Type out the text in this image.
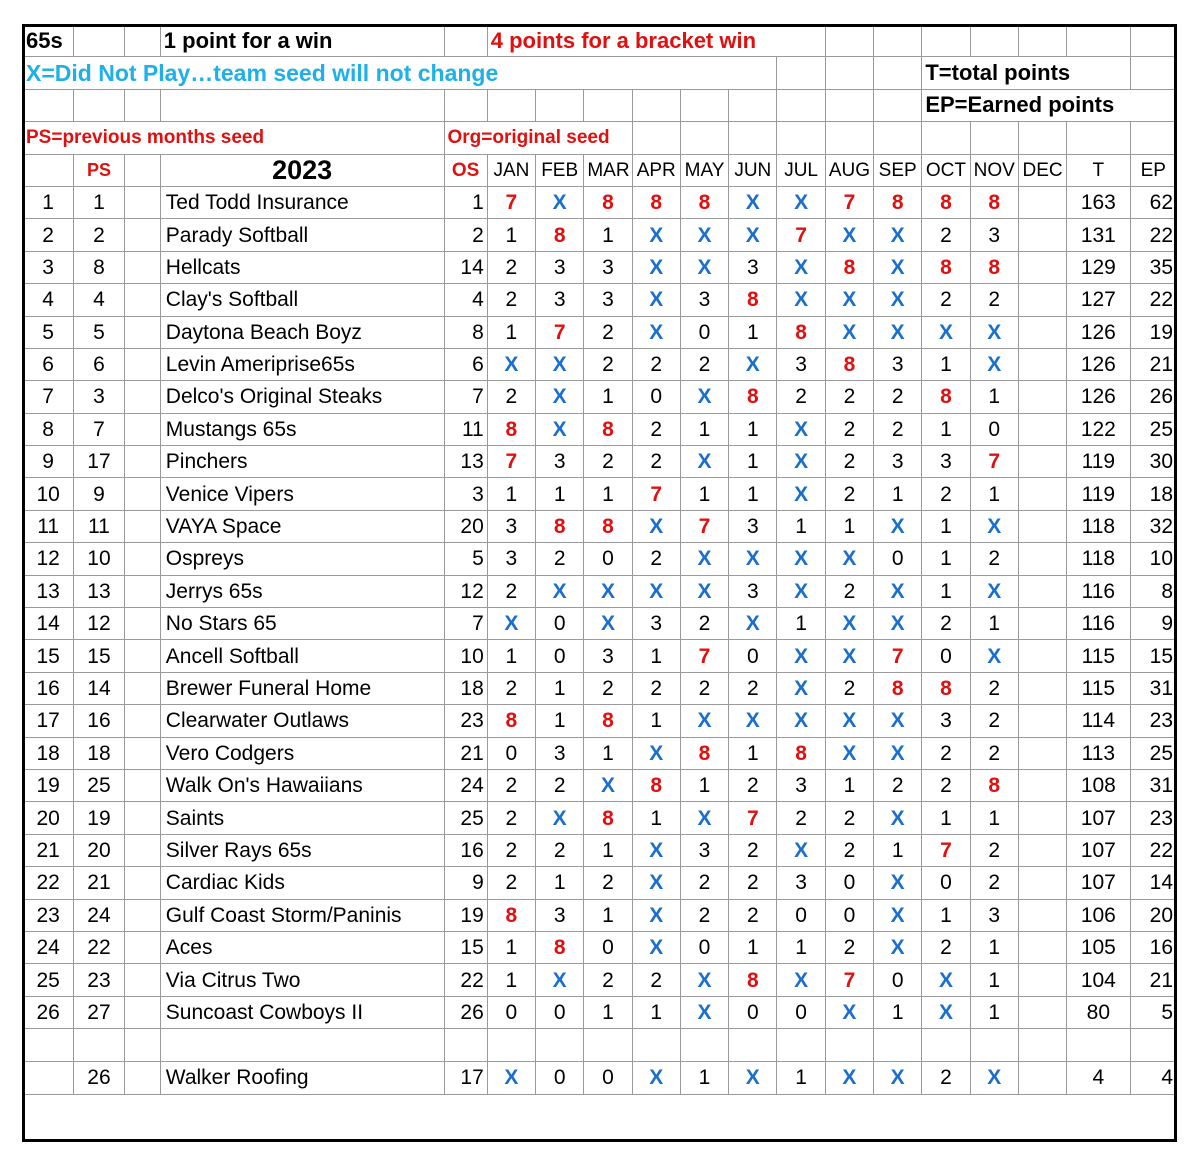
65s			1 point for a win		4 points for a bracket win													
X=Did Not Play…team seed will not change														T=total points				
														EP=Earned points				
PS=previous months seed				Org=original seed														
	PS		2023	OS	JAN	FEB	MAR	APR	MAY	JUN	JUL	AUG	SEP	OCT	NOV	DEC	T	EP
1	1		Ted Todd Insurance	1	7	X	8	8	8	X	X	7	8	8	8		163	62
2	2		Parady Softball	2	1	8	1	X	X	X	7	X	X	2	3		131	22
3	8		Hellcats	14	2	3	3	X	X	3	X	8	X	8	8		129	35
4	4		Clay's Softball	4	2	3	3	X	3	8	X	X	X	2	2		127	22
5	5		Daytona Beach Boyz	8	1	7	2	X	0	1	8	X	X	X	X		126	19
6	6		Levin Ameriprise65s	6	X	X	2	2	2	X	3	8	3	1	X		126	21
7	3		Delco's Original Steaks	7	2	X	1	0	X	8	2	2	2	8	1		126	26
8	7		Mustangs 65s	11	8	X	8	2	1	1	X	2	2	1	0		122	25
9	17		Pinchers	13	7	3	2	2	X	1	X	2	3	3	7		119	30
10	9		Venice Vipers	3	1	1	1	7	1	1	X	2	1	2	1		119	18
11	11		VAYA Space	20	3	8	8	X	7	3	1	1	X	1	X		118	32
12	10		Ospreys	5	3	2	0	2	X	X	X	X	0	1	2		118	10
13	13		Jerrys 65s	12	2	X	X	X	X	3	X	2	X	1	X		116	8
14	12		No Stars 65	7	X	0	X	3	2	X	1	X	X	2	1		116	9
15	15		Ancell Softball	10	1	0	3	1	7	0	X	X	7	0	X		115	15
16	14		Brewer Funeral Home	18	2	1	2	2	2	2	X	2	8	8	2		115	31
17	16		Clearwater Outlaws	23	8	1	8	1	X	X	X	X	X	3	2		114	23
18	18		Vero Codgers	21	0	3	1	X	8	1	8	X	X	2	2		113	25
19	25		Walk On's Hawaiians	24	2	2	X	8	1	2	3	1	2	2	8		108	31
20	19		Saints	25	2	X	8	1	X	7	2	2	X	1	1		107	23
21	20		Silver Rays 65s	16	2	2	1	X	3	2	X	2	1	7	2		107	22
22	21		Cardiac Kids	9	2	1	2	X	2	2	3	0	X	0	2		107	14
23	24		Gulf Coast Storm/Paninis	19	8	3	1	X	2	2	0	0	X	1	3		106	20
24	22		Aces	15	1	8	0	X	0	1	1	2	X	2	1		105	16
25	23		Via Citrus Two	22	1	X	2	2	X	8	X	7	0	X	1		104	21
26	27		Suncoast Cowboys II	26	0	0	1	1	X	0	0	X	1	X	1		80	5

	26		Walker Roofing	17	X	0	0	X	1	X	1	X	X	2	X		4	4
